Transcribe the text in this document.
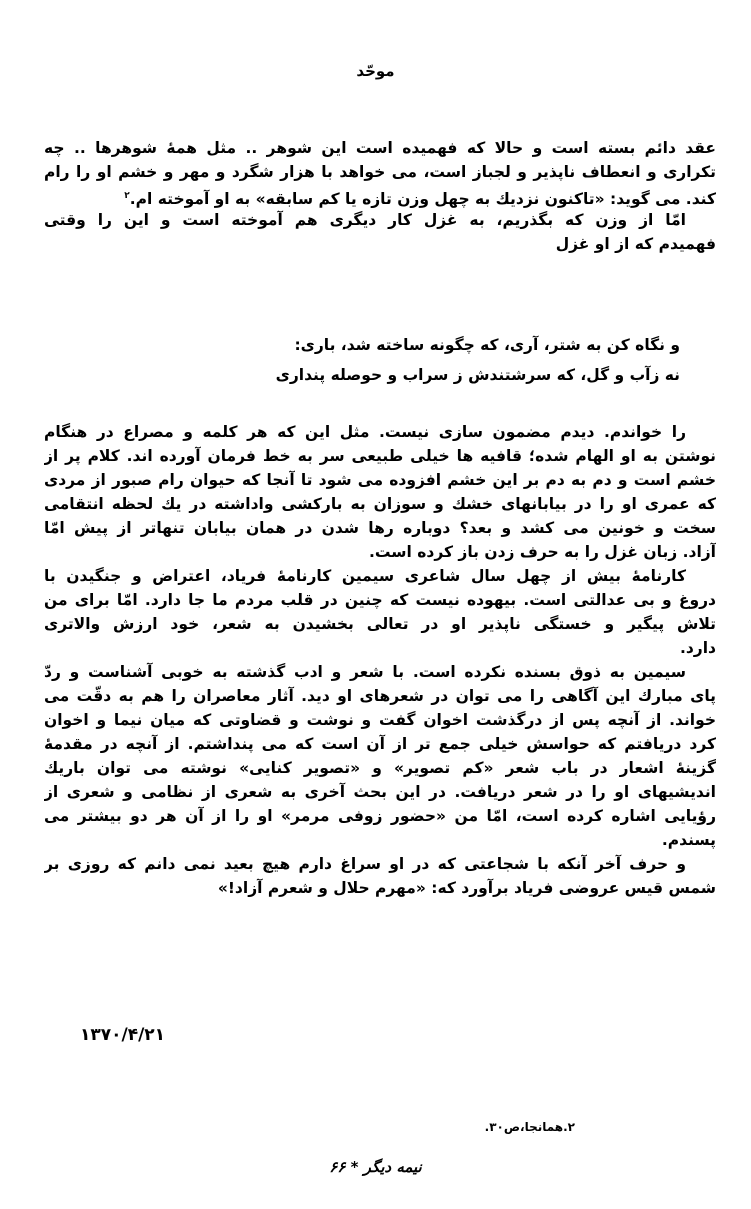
موحّد
عقد دائم بسته است و حالا که فهمیده است این شوهر .. مثل همهٔ شوهرها .. چه
تکراری و انعطاف ناپذیر و لجباز است، می خواهد با هزار شگرد و مهر و خشم او را رام
کند. می گوید: «تاکنون نزدیك به چهل وزن تازه یا کم سابقه» به او آموخته ام.$^۲$
امّا از وزن که بگذریم، به غزل کار دیگری هم آموخته است و این را وقتی
فهمیدم که از او غزل
و نگاه کن به شتر، آری، که چگونه ساخته شد، باری:
نه زآب و گل، که سرشتندش ز سراب و حوصله پنداری
را خواندم. دیدم مضمون سازی نیست. مثل این که هر کلمه و مصراع در هنگام
نوشتن به او الهام شده؛ قافیه ها خیلی طبیعی سر به خط فرمان آورده اند. کلام پر از
خشم است و دم به دم بر این خشم افزوده می شود تا آنجا که حیوان رام صبور از مردی
که عمری او را در بیابانهای خشك و سوزان به بارکشی واداشته در یك لحظه انتقامی
سخت و خونین می کشد و بعد؟ دوباره رها شدن در همان بیابان تنهاتر از پیش امّا
آزاد. زبان غزل را به حرف زدن باز کرده است.
کارنامهٔ بیش از چهل سال شاعری سیمین کارنامهٔ فریاد، اعتراض و جنگیدن با
دروغ و بی عدالتی است. بیهوده نیست که چنین در قلب مردم ما جا دارد. امّا برای من
تلاش پیگیر و خستگی ناپذیر او در تعالی بخشیدن به شعر، خود ارزش والاتری
دارد.
سیمین به ذوق بسنده نکرده است. با شعر و ادب گذشته به خوبی آشناست و ردّ
پای مبارك این آگاهی را می توان در شعرهای او دید. آثار معاصران را هم به دقّت می
خواند. از آنچه پس از درگذشت اخوان گفت و نوشت و قضاوتی که میان نیما و اخوان
کرد دریافتم که حواسش خیلی جمع تر از آن است که می پنداشتم. از آنچه در مقدمهٔ
گزینهٔ اشعار در باب شعر «کم تصویر» و «تصویر کنایی» نوشته می توان باریك
اندیشیهای او را در شعر دریافت. در این بحث آخری به شعری از نظامی و شعری از
رؤیایی اشاره کرده است، امّا من «حضور زوفی مرمر» او را از آن هر دو بیشتر می
پسندم.
و حرف آخر آنکه با شجاعتی که در او سراغ دارم هیچ بعید نمی دانم که روزی بر
شمس قیس عروضی فریاد برآورد که: «مهرم حلال و شعرم آزاد!»
۱۳۷۰/۴/۲۱
۲.همانجا،ص۳۰.
نیمه دیگر * ۶۶
